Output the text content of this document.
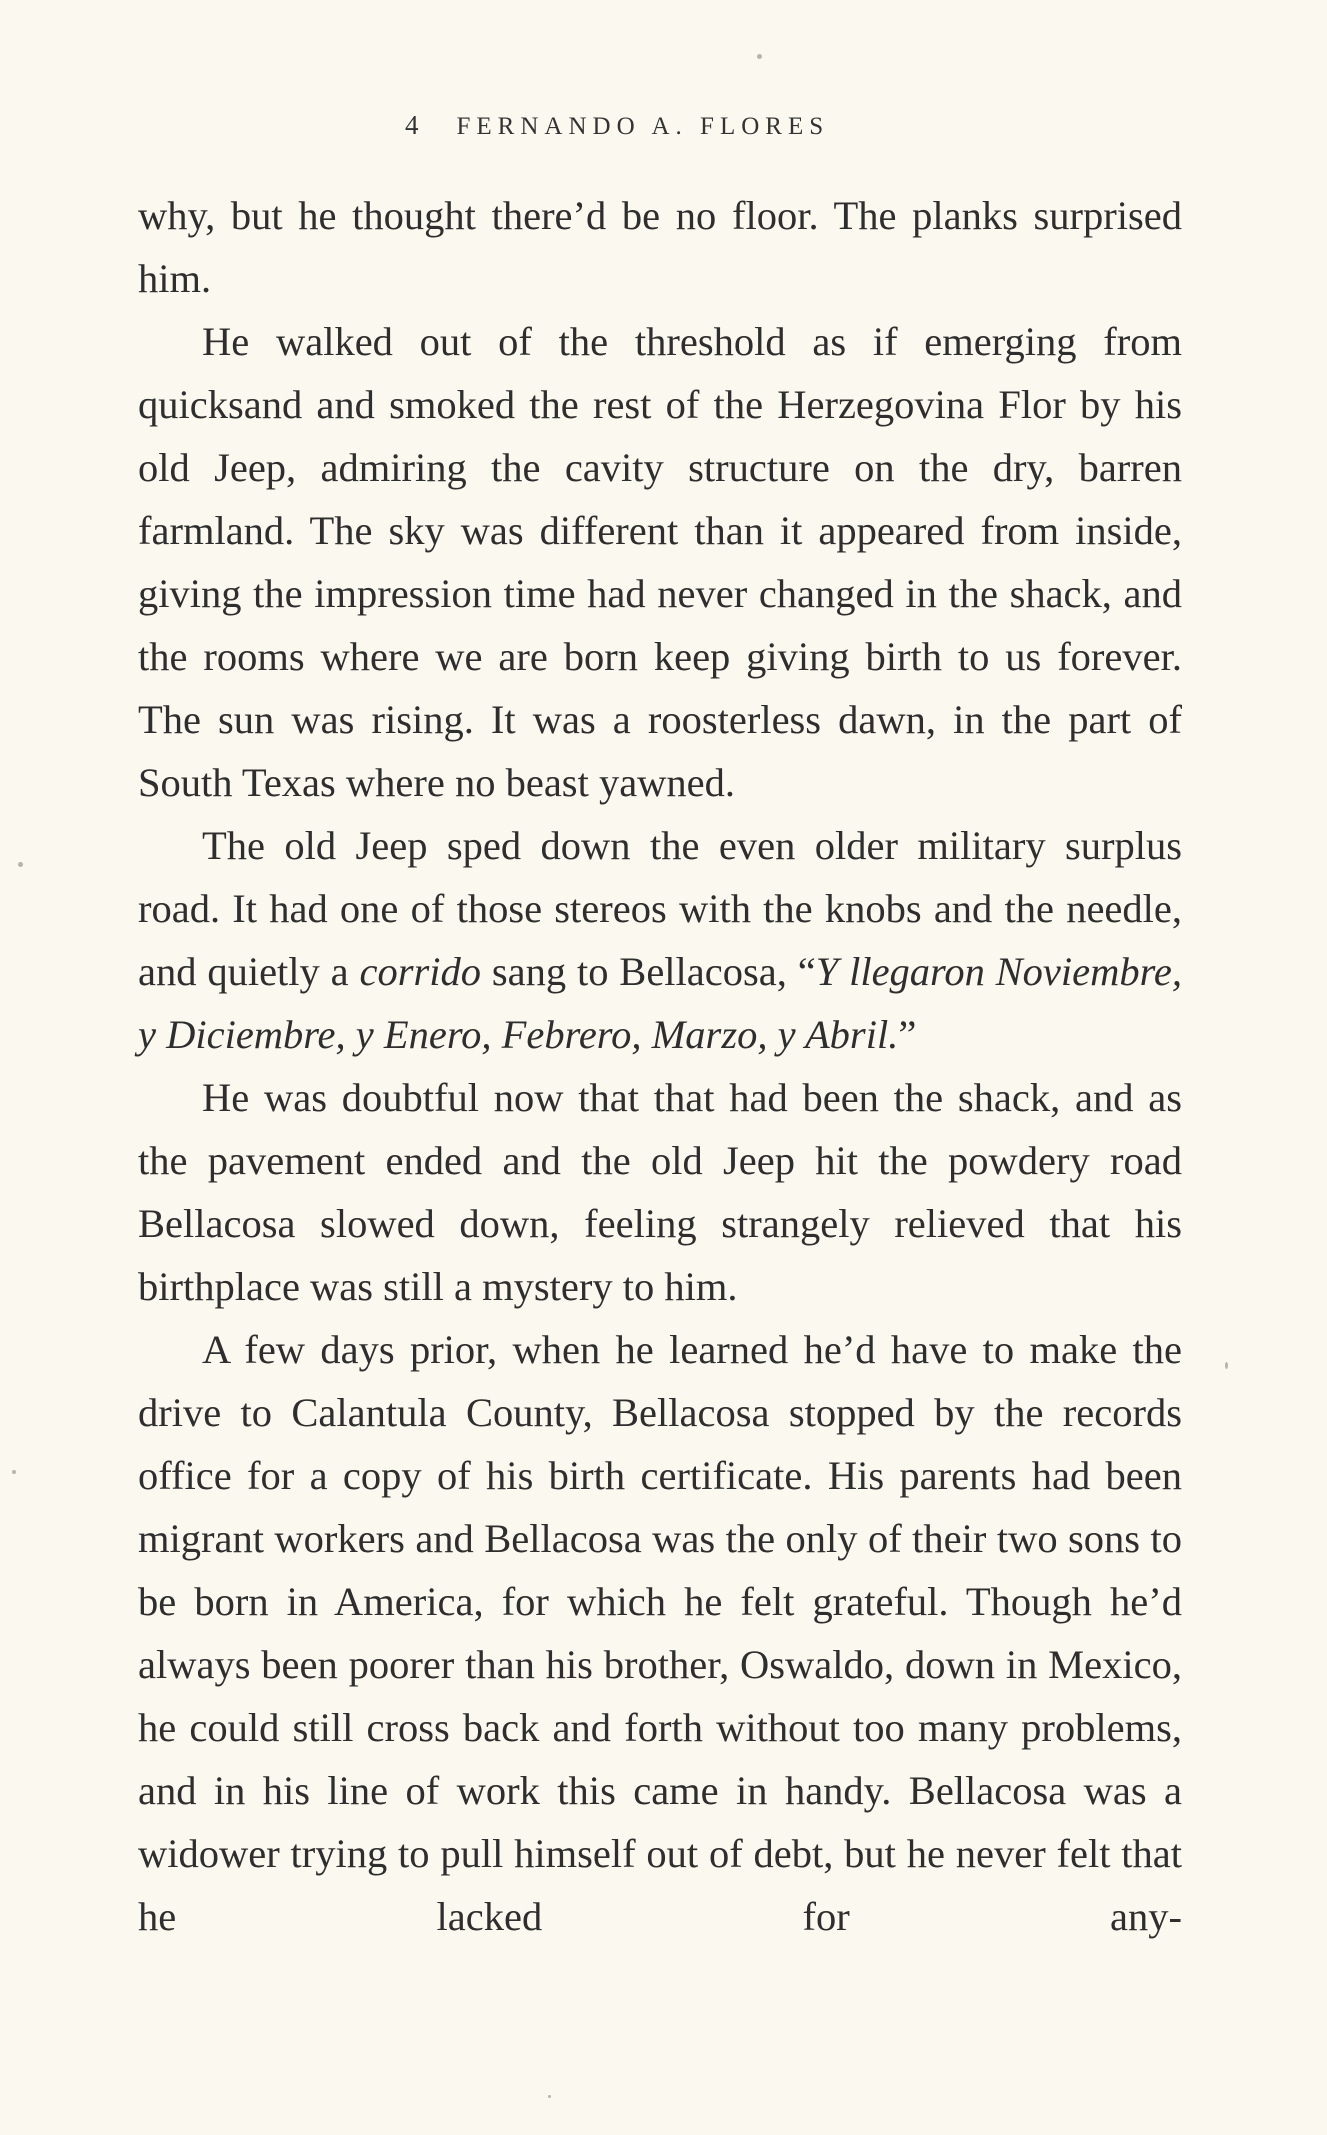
4 FERNANDO A. FLORES

why, but he thought there’d be no floor. The planks surprised him.

He walked out of the threshold as if emerging from quicksand and smoked the rest of the Herzegovina Flor by his old Jeep, admiring the cavity structure on the dry, barren farmland. The sky was different than it appeared from inside, giving the impression time had never changed in the shack, and the rooms where we are born keep giving birth to us forever. The sun was rising. It was a roosterless dawn, in the part of South Texas where no beast yawned.

The old Jeep sped down the even older military surplus road. It had one of those stereos with the knobs and the needle, and quietly a corrido sang to Bellacosa, “Y llegaron Noviembre, y Diciembre, y Enero, Febrero, Marzo, y Abril.”

He was doubtful now that that had been the shack, and as the pavement ended and the old Jeep hit the powdery road Bellacosa slowed down, feeling strangely relieved that his birthplace was still a mystery to him.

A few days prior, when he learned he’d have to make the drive to Calantula County, Bellacosa stopped by the records office for a copy of his birth certificate. His parents had been migrant workers and Bellacosa was the only of their two sons to be born in America, for which he felt grateful. Though he’d always been poorer than his brother, Oswaldo, down in Mexico, he could still cross back and forth without too many problems, and in his line of work this came in handy. Bellacosa was a widower trying to pull himself out of debt, but he never felt that he lacked for any-
